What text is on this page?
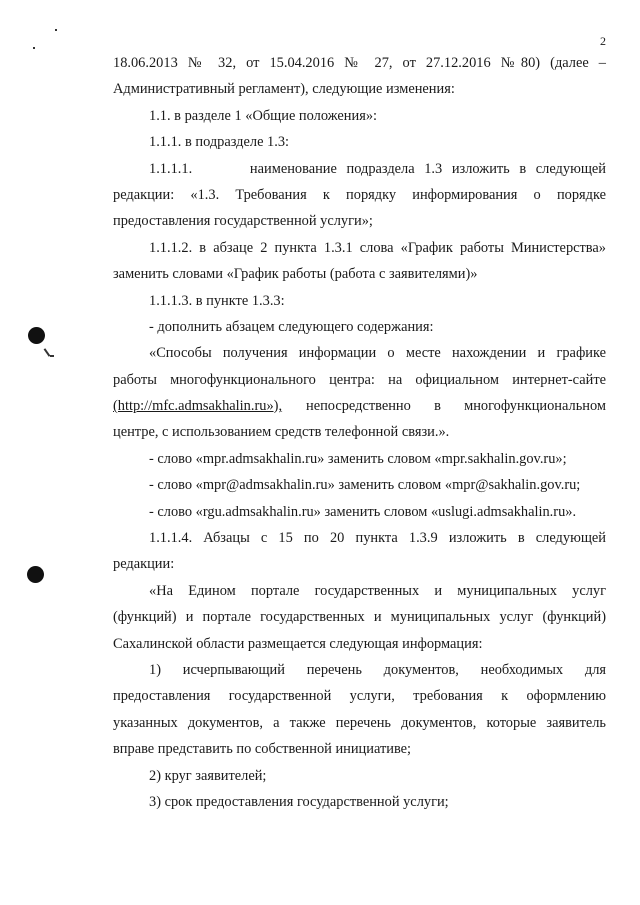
2
18.06.2013 № 32, от 15.04.2016 № 27, от 27.12.2016 №80) (далее –
Административный регламент), следующие изменения:
1.1. в разделе 1 «Общие положения»:
1.1.1. в подразделе 1.3:
1.1.1.1.      наименование подраздела 1.3 изложить в следующей
редакции: «1.3. Требования к порядку информирования о порядке
предоставления государственной услуги»;
1.1.1.2. в абзаце 2 пункта 1.3.1 слова «График работы Министерства»
заменить словами «График работы (работа с заявителями)»
1.1.1.3. в пункте 1.3.3:
- дополнить абзацем следующего содержания:
«Способы получения информации о месте нахождении и графике
работы многофункционального центра: на официальном интернет-сайте
(http://mfc.admsakhalin.ru»), непосредственно в многофункциональном
центре, с использованием средств телефонной связи.».
- слово «mpr.admsakhalin.ru» заменить словом «mpr.sakhalin.gov.ru»;
- слово «mpr@admsakhalin.ru» заменить словом «mpr@sakhalin.gov.ru;
- слово «rgu.admsakhalin.ru» заменить словом «uslugi.admsakhalin.ru».
1.1.1.4. Абзацы с 15 по 20 пункта 1.3.9 изложить в следующей
редакции:
«На Едином портале государственных и муниципальных услуг
(функций) и портале государственных и муниципальных услуг (функций)
Сахалинской области размещается следующая информация:
1) исчерпывающий перечень документов, необходимых для
предоставления государственной услуги, требования к оформлению
указанных документов, а также перечень документов, которые заявитель
вправе представить по собственной инициативе;
2) круг заявителей;
3) срок предоставления государственной услуги;
